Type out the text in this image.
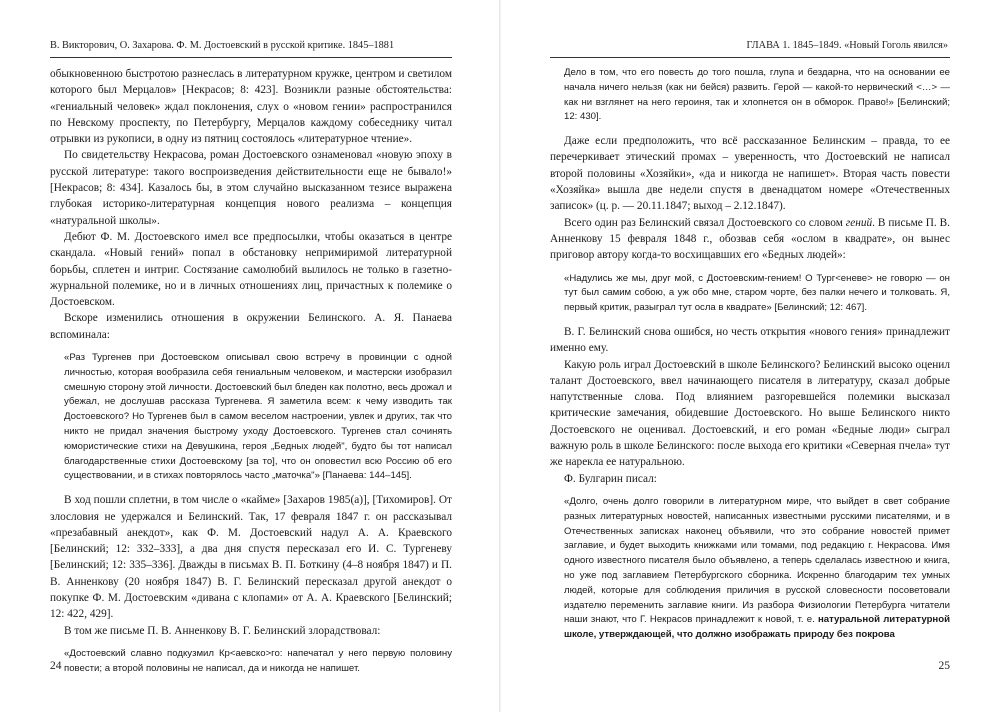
В. Викторович, О. Захарова. Ф. М. Достоевский в русской критике. 1845–1881

обыкновенною быстротою разнеслась в литературном кружке, центром и светилом которого был Мерцалов» [Некрасов; 8: 423]. Возникли разные обстоятельства: «гениальный человек» ждал поклонения, слух о «новом гении» распространился по Невскому проспекту, по Петербургу, Мерцалов каждому собеседнику читал отрывки из рукописи, в одну из пятниц состоялось «литературное чтение».

По свидетельству Некрасова, роман Достоевского ознаменовал «новую эпоху в русской литературе: такого воспроизведения действительности еще не бывало!» [Некрасов; 8: 434]. Казалось бы, в этом случайно высказанном тезисе выражена глубокая историко-литературная концепция нового реализма – концепция «натуральной школы».

Дебют Ф. М. Достоевского имел все предпосылки, чтобы оказаться в центре скандала. «Новый гений» попал в обстановку непримиримой литературной борьбы, сплетен и интриг. Состязание самолюбий вылилось не только в газетно-журнальной полемике, но и в личных отношениях лиц, причастных к полемике о Достоевском.

Вскоре изменились отношения в окружении Белинского. А. Я. Панаева вспоминала:

«Раз Тургенев при Достоевском описывал свою встречу в провинции с одной личностью, которая вообразила себя гениальным человеком, и мастерски изобразил смешную сторону этой личности. Достоевский был бледен как полотно, весь дрожал и убежал, не дослушав рассказа Тургенева. Я заметила всем: к чему изводить так Достоевского? Но Тургенев был в самом веселом настроении, увлек и других, так что никто не придал значения быстрому уходу Достоевского. Тургенев стал сочинять юмористические стихи на Девушкина, героя „Бедных людей", будто бы тот написал благодарственные стихи Достоевскому [за то], что он оповестил всю Россию об его существовании, и в стихах повторялось часто „маточка"» [Панаева: 144–145].

В ход пошли сплетни, в том числе о «кайме» [Захаров 1985(а)], [Тихомиров]. От злословия не удержался и Белинский. Так, 17 февраля 1847 г. он рассказывал «презабавный анекдот», как Ф. М. Достоевский надул А. А. Краевского [Белинский; 12: 332–333], а два дня спустя пересказал его И. С. Тургеневу [Белинский; 12: 335–336]. Дважды в письмах В. П. Боткину (4–8 ноября 1847) и П. В. Анненкову (20 ноября 1847) В. Г. Белинский пересказал другой анекдот о покупке Ф. М. Достоевским «дивана с клопами» от А. А. Краевского [Белинский; 12: 422, 429].

В том же письме П. В. Анненкову В. Г. Белинский злорадствовал:

«Достоевский славно подкузмил Кр<аевско>го: напечатал у него первую половину повести; а второй половины не написал, да и никогда не напишет.

24
ГЛАВА 1. 1845–1849. «Новый Гоголь явился»

Дело в том, что его повесть до того пошла, глупа и бездарна, что на основании ее начала ничего нельзя (как ни бейся) развить. Герой — какой-то нервический <…> — как ни взглянет на него героиня, так и хлопнется он в обморок. Право!» [Белинский; 12: 430].

Даже если предположить, что всё рассказанное Белинским – правда, то ее перечеркивает этический промах – уверенность, что Достоевский не написал второй половины «Хозяйки», «да и никогда не напишет». Вторая часть повести «Хозяйка» вышла две недели спустя в двенадцатом номере «Отечественных записок» (ц. р. — 20.11.1847; выход – 2.12.1847).

Всего один раз Белинский связал Достоевского со словом гений. В письме П. В. Анненкову 15 февраля 1848 г., обозвав себя «ослом в квадрате», он вынес приговор автору когда-то восхищавших его «Бедных людей»:

«Надулись же мы, друг мой, с Достоевским-гением! О Тург<еневе> не говорю — он тут был самим собою, а уж обо мне, старом чорте, без палки нечего и толковать. Я, первый критик, разыграл тут осла в квадрате» [Белинский; 12: 467].

В. Г. Белинский снова ошибся, но честь открытия «нового гения» принадлежит именно ему.

Какую роль играл Достоевский в школе Белинского? Белинский высоко оценил талант Достоевского, ввел начинающего писателя в литературу, сказал добрые напутственные слова. Под влиянием разгоревшейся полемики высказал критические замечания, обидевшие Достоевского. Но выше Белинского никто Достоевского не оценивал. Достоевский, и его роман «Бедные люди» сыграл важную роль в школе Белинского: после выхода его критики «Северная пчела» тут же нарекла ее натуральною.

Ф. Булгарин писал:

«Долго, очень долго говорили в литературном мире, что выйдет в свет собрание разных литературных новостей, написанных известными русскими писателями, и в Отечественных записках наконец объявили, что это собрание новостей примет заглавие, и будет выходить книжками или томами, под редакцию г. Некрасова. Имя одного известного писателя было объявлено, а теперь сделалась известною и книга, но уже под заглавием Петербургского сборника. Искренно благодарим тех умных людей, которые для соблюдения приличия в русской словесности посоветовали издателю переменить заглавие книги. Из разбора Физиологии Петербурга читатели наши знают, что Г. Некрасов принадлежит к новой, т. е. натуральной литературной школе, утверждающей, что должно изображать природу без покрова

25
